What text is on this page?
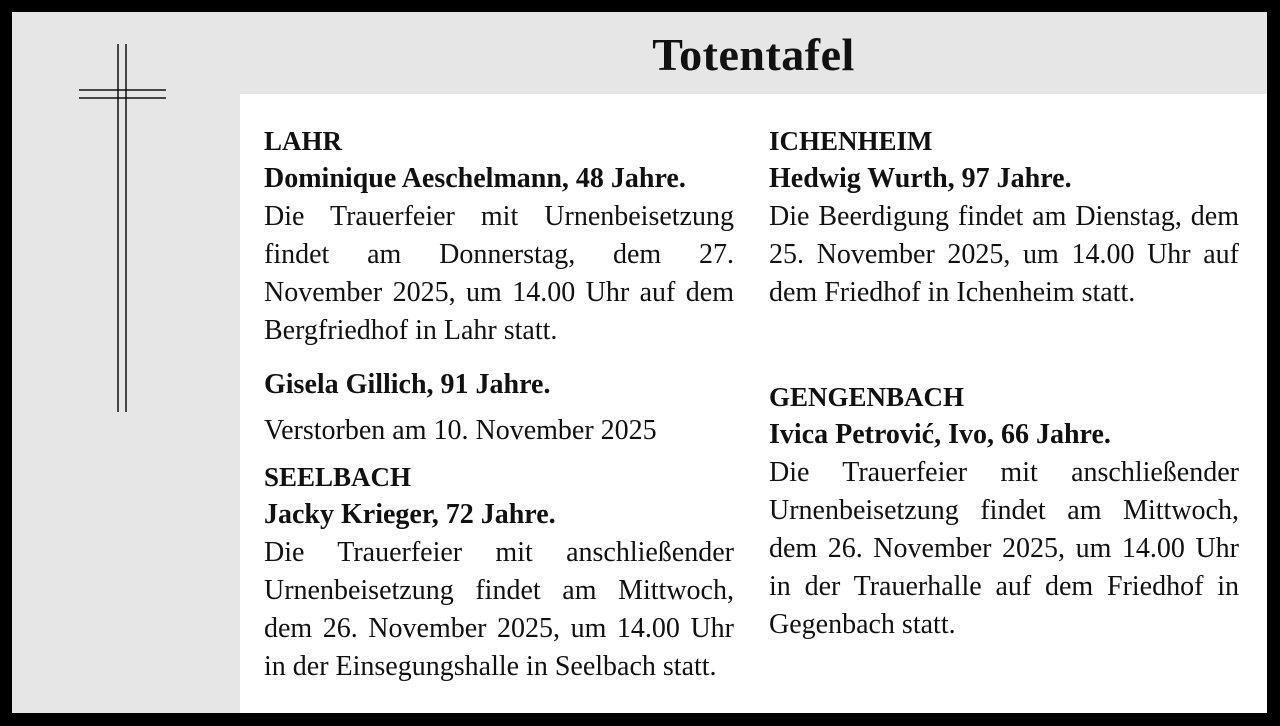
Totentafel
LAHR
Dominique Aeschelmann, 48 Jahre.
Die Trauerfeier mit Urnenbeisetzung findet am Donnerstag, dem 27. November 2025, um 14.00 Uhr auf dem Bergfriedhof in Lahr statt.
Gisela Gillich, 91 Jahre.
Verstorben am 10. November 2025
SEELBACH
Jacky Krieger, 72 Jahre.
Die Trauerfeier mit anschließender Urnenbeisetzung findet am Mittwoch, dem 26. November 2025, um 14.00 Uhr in der Einsegungshalle in Seelbach statt.
ICHENHEIM
Hedwig Wurth, 97 Jahre.
Die Beerdigung findet am Dienstag, dem 25. November 2025, um 14.00 Uhr auf dem Friedhof in Ichenheim statt.
GENGENBACH
Ivica Petrović, Ivo, 66 Jahre.
Die Trauerfeier mit anschließender Urnenbeisetzung findet am Mittwoch, dem 26. November 2025, um 14.00 Uhr in der Trauerhalle auf dem Friedhof in Gegenbach statt.
